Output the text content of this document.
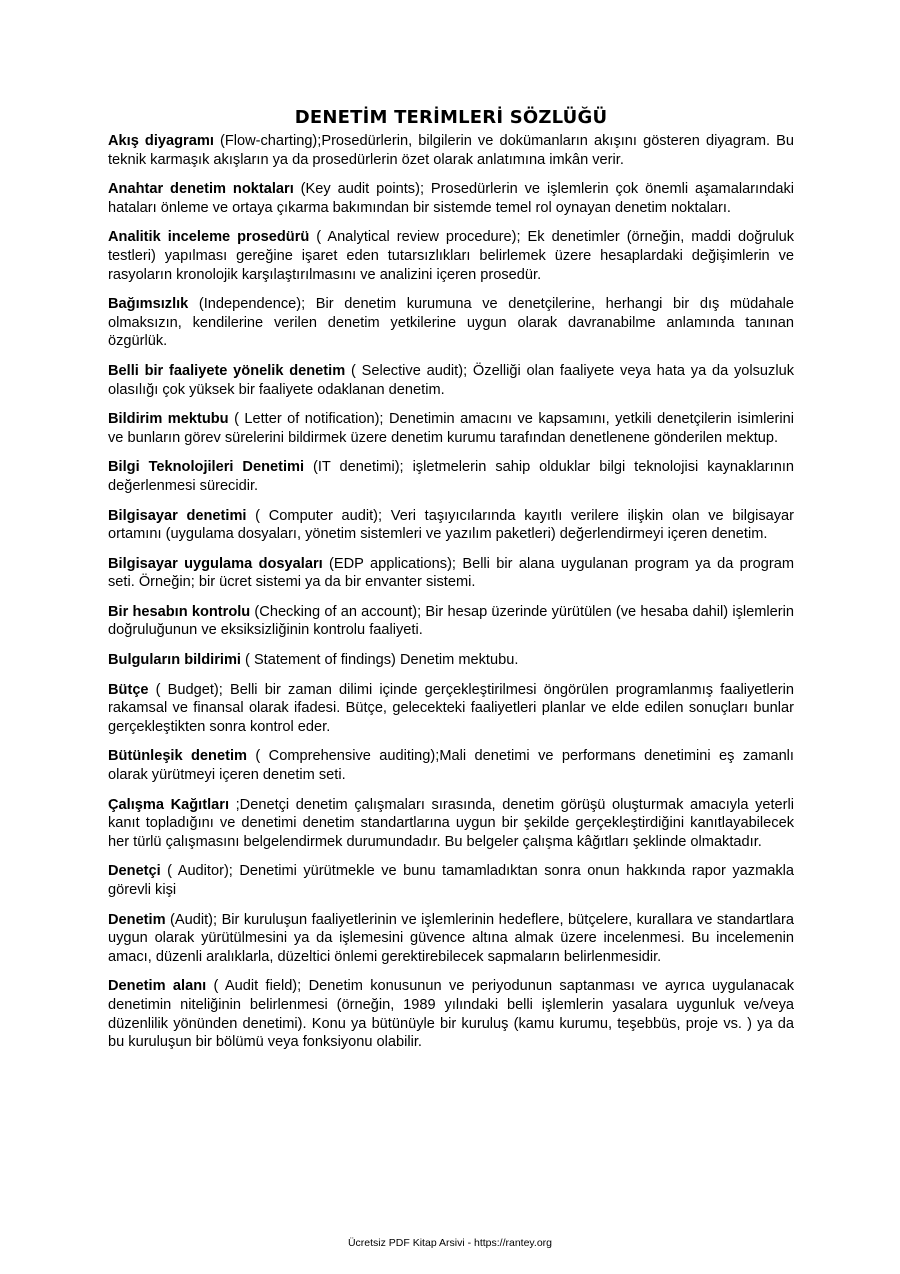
DENETİM TERİMLERİ SÖZLÜĞÜ

Akış diyagramı (Flow-charting);Prosedürlerin, bilgilerin ve dokümanların akışını gösteren diyagram. Bu teknik karmaşık akışların ya da prosedürlerin özet olarak anlatımına imkân verir.

Anahtar denetim noktaları (Key audit points); Prosedürlerin ve işlemlerin çok önemli aşamalarındaki hataları önleme ve ortaya çıkarma bakımından bir sistemde temel rol oynayan denetim noktaları.

Analitik inceleme prosedürü ( Analytical review procedure); Ek denetimler (örneğin, maddi doğruluk testleri) yapılması gereğine işaret eden tutarsızlıkları belirlemek üzere hesaplardaki değişimlerin ve rasyoların kronolojik karşılaştırılmasını ve analizini içeren prosedür.

Bağımsızlık (Independence); Bir denetim kurumuna ve denetçilerine, herhangi bir dış müdahale olmaksızın, kendilerine verilen denetim yetkilerine uygun olarak davranabilme anlamında tanınan özgürlük.

Belli bir faaliyete yönelik denetim ( Selective audit); Özelliği olan faaliyete veya hata ya da yolsuzluk olasılığı çok yüksek bir faaliyete odaklanan denetim.

Bildirim mektubu ( Letter of notification); Denetimin amacını ve kapsamını, yetkili denetçilerin isimlerini ve bunların görev sürelerini bildirmek üzere denetim kurumu tarafından denetlenene gönderilen mektup.

Bilgi Teknolojileri Denetimi (IT denetimi); işletmelerin sahip olduklar bilgi teknolojisi kaynaklarının değerlenmesi sürecidir.

Bilgisayar denetimi ( Computer audit); Veri taşıyıcılarında kayıtlı verilere ilişkin olan ve bilgisayar ortamını (uygulama dosyaları, yönetim sistemleri ve yazılım paketleri) değerlendirmeyi içeren denetim.

Bilgisayar uygulama dosyaları (EDP applications); Belli bir alana uygulanan program ya da program seti. Örneğin; bir ücret sistemi ya da bir envanter sistemi.

Bir hesabın kontrolu (Checking of an account); Bir hesap üzerinde yürütülen (ve hesaba dahil) işlemlerin doğruluğunun ve eksiksizliğinin kontrolu faaliyeti.

Bulguların bildirimi ( Statement of findings) Denetim mektubu.

Bütçe ( Budget); Belli bir zaman dilimi içinde gerçekleştirilmesi öngörülen programlanmış faaliyetlerin rakamsal ve finansal olarak ifadesi. Bütçe, gelecekteki faaliyetleri planlar ve elde edilen sonuçları bunlar gerçekleştikten sonra kontrol eder.

Bütünleşik denetim ( Comprehensive auditing);Mali denetimi ve performans denetimini eş zamanlı olarak yürütmeyi içeren denetim seti.

Çalışma Kağıtları ;Denetçi denetim çalışmaları sırasında, denetim görüşü oluşturmak amacıyla yeterli kanıt topladığını ve denetimi denetim standartlarına uygun bir şekilde gerçekleştirdiğini kanıtlayabilecek her türlü çalışmasını belgelendirmek durumundadır. Bu belgeler çalışma kâğıtları şeklinde olmaktadır.

Denetçi ( Auditor); Denetimi yürütmekle ve bunu tamamladıktan sonra onun hakkında rapor yazmakla görevli kişi

Denetim (Audit); Bir kuruluşun faaliyetlerinin ve işlemlerinin hedeflere, bütçelere, kurallara ve standartlara uygun olarak yürütülmesini ya da işlemesini güvence altına almak üzere incelenmesi. Bu incelemenin amacı, düzenli aralıklarla, düzeltici önlemi gerektirebilecek sapmaların belirlenmesidir.

Denetim alanı ( Audit field); Denetim konusunun ve periyodunun saptanması ve ayrıca uygulanacak denetimin niteliğinin belirlenmesi (örneğin, 1989 yılındaki belli işlemlerin yasalara uygunluk ve/veya düzenlilik yönünden denetimi). Konu ya bütünüyle bir kuruluş (kamu kurumu, teşebbüs, proje vs. ) ya da bu kuruluşun bir bölümü veya fonksiyonu olabilir.

Ücretsiz PDF Kitap Arsivi - https://rantey.org
